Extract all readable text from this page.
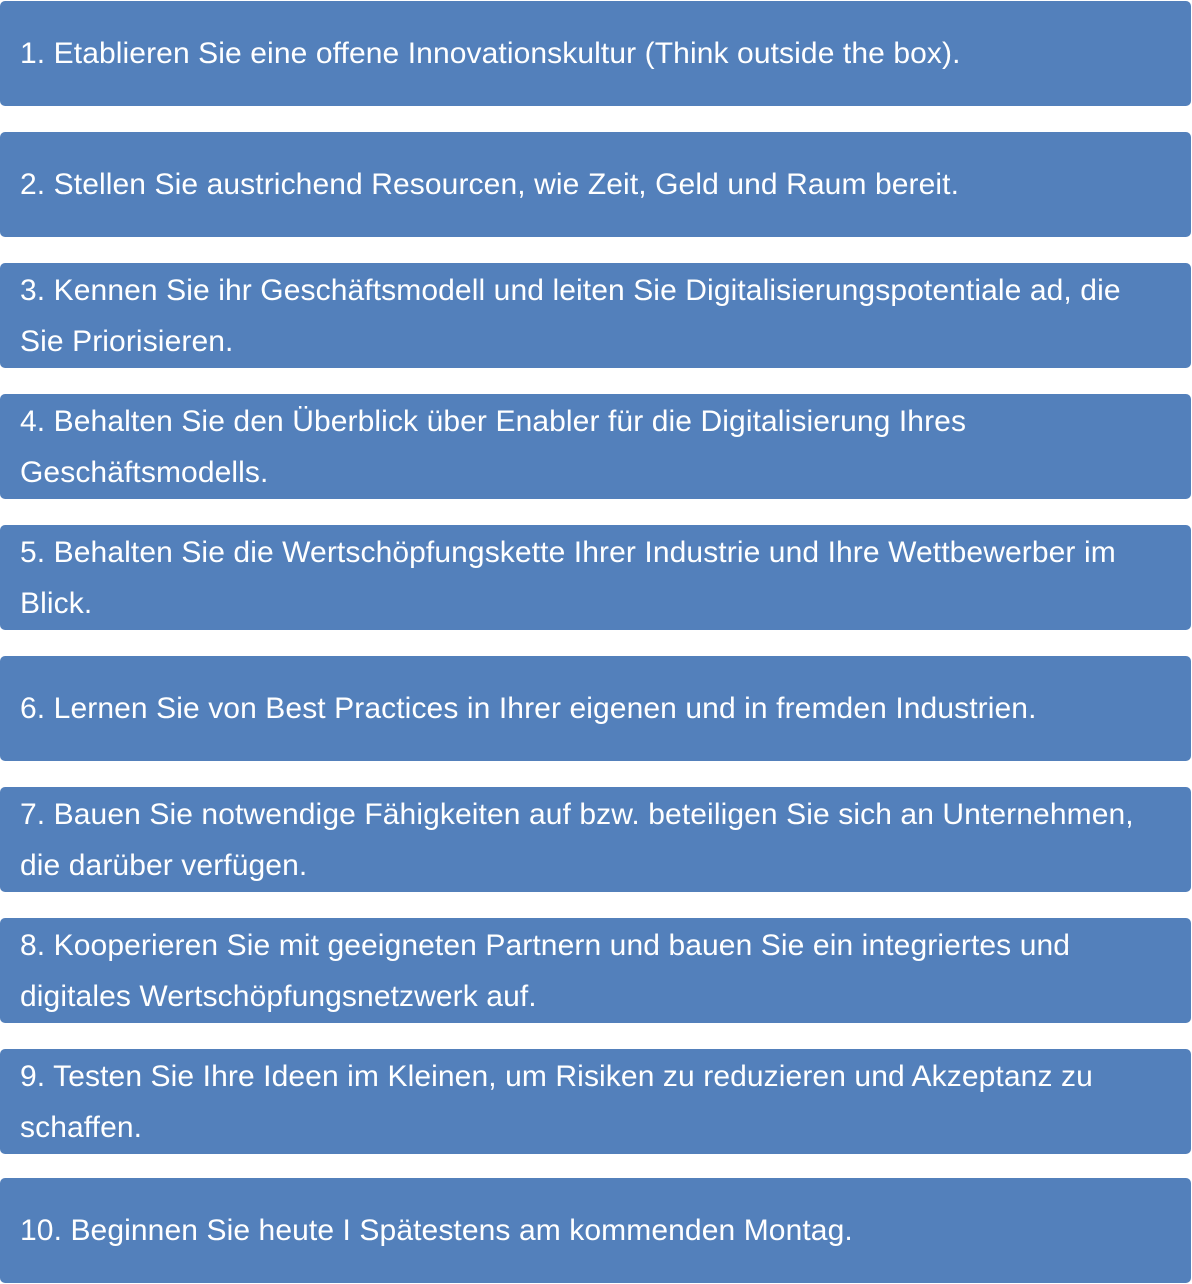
1. Etablieren Sie eine offene Innovationskultur (Think outside the box).
2. Stellen Sie austrichend Resourcen, wie Zeit, Geld und Raum bereit.
3. Kennen Sie ihr Geschäftsmodell und leiten Sie Digitalisierungspotentiale ad, die Sie Priorisieren.
4. Behalten Sie den Überblick über Enabler für die Digitalisierung Ihres Geschäftsmodells.
5. Behalten Sie die Wertschöpfungskette Ihrer Industrie und Ihre Wettbewerber im Blick.
6. Lernen Sie von Best Practices in Ihrer eigenen und in fremden Industrien.
7. Bauen Sie notwendige Fähigkeiten auf bzw. beteiligen Sie sich an Unternehmen, die darüber verfügen.
8. Kooperieren Sie mit geeigneten Partnern und bauen Sie ein integriertes und digitales Wertschöpfungsnetzwerk auf.
9. Testen Sie Ihre Ideen im Kleinen, um Risiken zu reduzieren und Akzeptanz zu schaffen.
10. Beginnen Sie heute I Spätestens am kommenden Montag.
